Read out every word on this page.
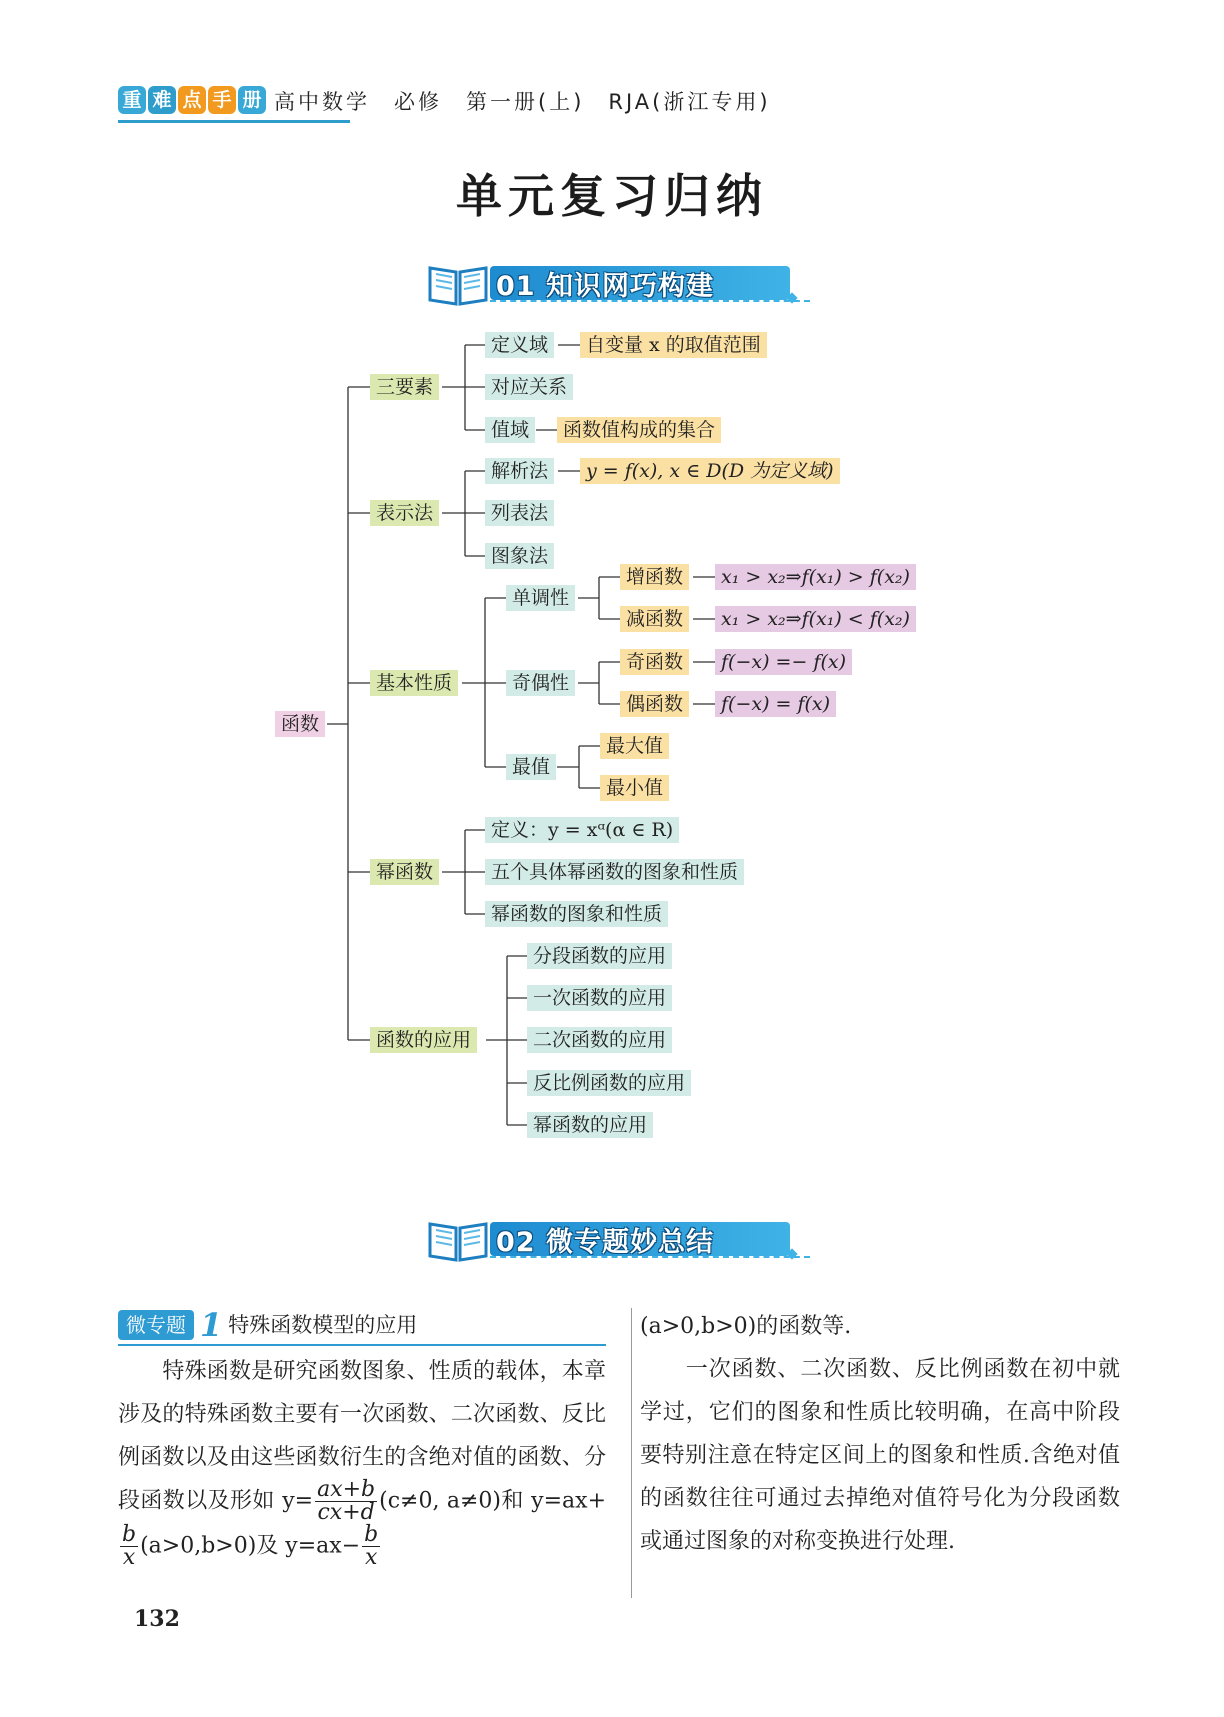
重 难 点 手 册 高中数学　必修　第一册(上)　RJA(浙江专用)
单元复习归纳
01 知识网巧构建
函数
三要素
定义域	自变量 x 的取值范围
对应关系
值域	函数值构成的集合
表示法
解析法	y = f(x), x ∈ D(D 为定义域)
列表法
图象法
基本性质
单调性
增函数	x₁ > x₂⇒f(x₁) > f(x₂)
减函数	x₁ > x₂⇒f(x₁) < f(x₂)
奇偶性
奇函数	f(−x) =− f(x)
偶函数	f(−x) = f(x)
最值
最大值
最小值
幂函数
定义：y = xᵅ(α ∈ R)
五个具体幂函数的图象和性质
幂函数的图象和性质
函数的应用
分段函数的应用
一次函数的应用
二次函数的应用
反比例函数的应用
幂函数的应用
02 微专题妙总结
微专题 1 特殊函数模型的应用

　　特殊函数是研究函数图象、性质的载体，本章涉及的特殊函数主要有一次函数、二次函数、反比例函数以及由这些函数衍生的含绝对值的函数、分段函数以及形如 $y= \frac{ax+b}{cx+d} (c\ne 0$, a≠0)和 y=ax+
$\frac{b}{x} (a>0,b>0)$及 $y=ax- \frac{b}{x}$

(a>0,b>0)的函数等.

　　一次函数、二次函数、反比例函数在初中就学过，它们的图象和性质比较明确，在高中阶段要特别注意在特定区间上的图象和性质.含绝对值的函数往往可通过去掉绝对值符号化为分段函数或通过图象的对称变换进行处理.

132
